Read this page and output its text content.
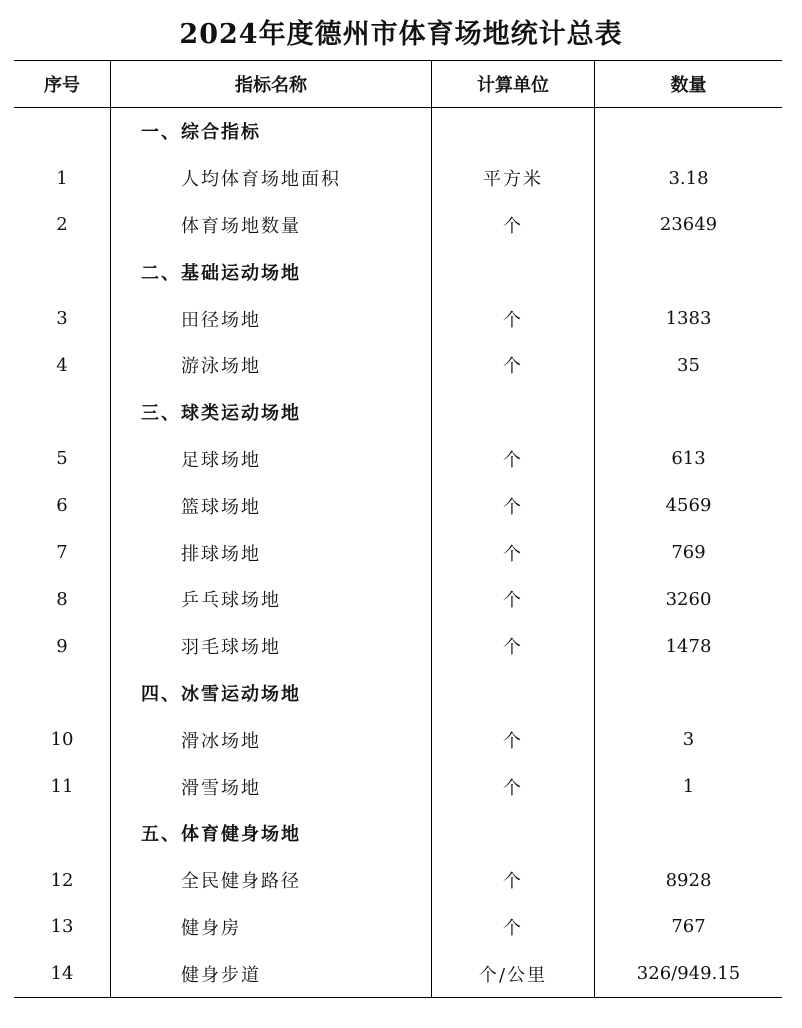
2024年度德州市体育场地统计总表
序号	指标名称	计算单位	数量
	一、综合指标		
1	人均体育场地面积	平方米	3.18
2	体育场地数量	个	23649
	二、基础运动场地		
3	田径场地	个	1383
4	游泳场地	个	35
	三、球类运动场地		
5	足球场地	个	613
6	篮球场地	个	4569
7	排球场地	个	769
8	乒乓球场地	个	3260
9	羽毛球场地	个	1478
	四、冰雪运动场地		
10	滑冰场地	个	3
11	滑雪场地	个	1
	五、体育健身场地		
12	全民健身路径	个	8928
13	健身房	个	767
14	健身步道	个/公里	326/949.15
